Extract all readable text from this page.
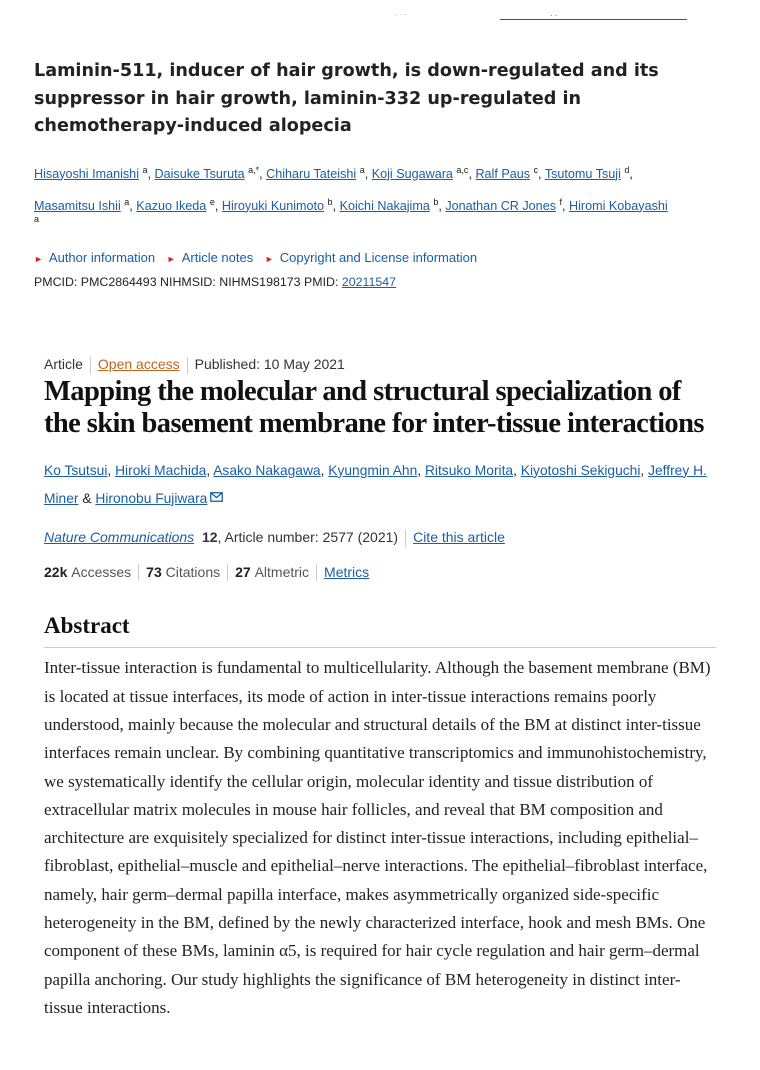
· · ·	· ·
Laminin-511, inducer of hair growth, is down-regulated and its suppressor in hair growth, laminin-332 up-regulated in chemotherapy-induced alopecia
Hisayoshi Imanishi $^a$, Daisuke Tsuruta $^{a,*}$, Chiharu Tateishi $^a$, Koji Sugawara $^{a,c}$, Ralf Paus $^c$, Tsutomu Tsuji $^d$,
Masamitsu Ishii $^a$, Kazuo Ikeda $^e$, Hiroyuki Kunimoto $^b$, Koichi Nakajima $^b$, Jonathan CR Jones $^f$, Hiromi Kobayashi
a
► Author information ► Article notes ► Copyright and License information
PMCID: PMC2864493 NIHMSID: NIHMS198173 PMID: 20211547
Article Open access Published: 10 May 2021
Mapping the molecular and structural specialization of the skin basement membrane for inter-tissue interactions
Ko Tsutsui, Hiroki Machida, Asako Nakagawa, Kyungmin Ahn, Ritsuko Morita, Kiyotoshi Sekiguchi, Jeffrey H. Miner & Hironobu Fujiwara
Nature Communications 12, Article number: 2577 (2021) Cite this article
22k Accesses 73 Citations 27 Altmetric Metrics
Abstract

Inter-tissue interaction is fundamental to multicellularity. Although the basement membrane (BM) is located at tissue interfaces, its mode of action in inter-tissue interactions remains poorly understood, mainly because the molecular and structural details of the BM at distinct inter-tissue interfaces remain unclear. By combining quantitative transcriptomics and immunohistochemistry, we systematically identify the cellular origin, molecular identity and tissue distribution of extracellular matrix molecules in mouse hair follicles, and reveal that BM composition and architecture are exquisitely specialized for distinct inter-tissue interactions, including epithelial–fibroblast, epithelial–muscle and epithelial–nerve interactions. The epithelial–fibroblast interface, namely, hair germ–dermal papilla interface, makes asymmetrically organized side-specific heterogeneity in the BM, defined by the newly characterized interface, hook and mesh BMs. One component of these BMs, laminin α5, is required for hair cycle regulation and hair germ–dermal papilla anchoring. Our study highlights the significance of BM heterogeneity in distinct inter-tissue interactions.
